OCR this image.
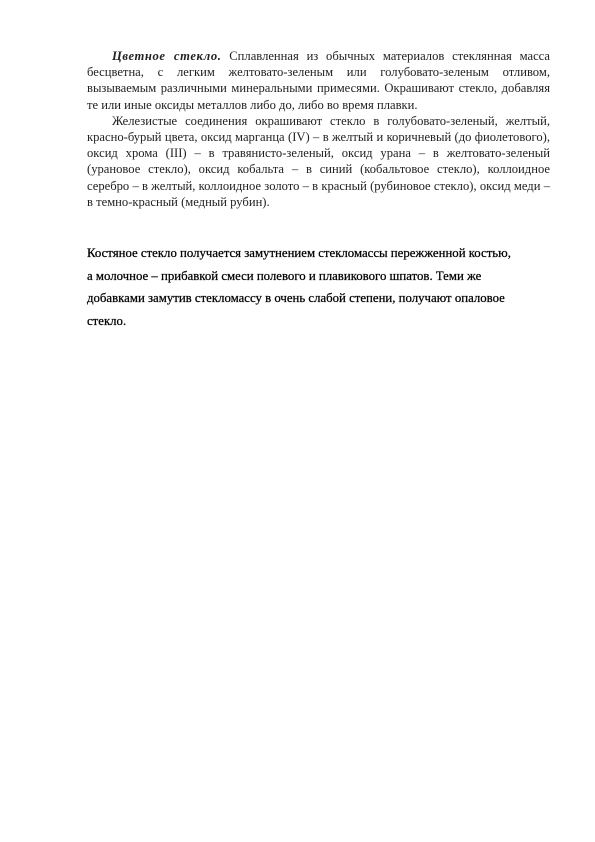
Цветное стекло. Сплавленная из обычных материалов стеклянная масса бесцветна, с легким желтовато-зеленым или голубовато-зеленым отливом, вызываемым различными минеральными примесями. Окрашивают стекло, добавляя те или иные оксиды металлов либо до, либо во время плавки.

Железистые соединения окрашивают стекло в голубовато-зеленый, желтый, красно-бурый цвета, оксид марганца (IV) – в желтый и коричневый (до фиолетового), оксид хрома (III) – в травянисто-зеленый, оксид урана – в желтовато-зеленый (урановое стекло), оксид кобальта – в синий (кобальтовое стекло), коллоидное серебро – в желтый, коллоидное золото – в красный (рубиновое стекло), оксид меди – в темно-красный (медный рубин).

Костяное стекло получается замутнением стекломассы пережженной костью,
а молочное – прибавкой смеси полевого и плавикового шпатов. Теми же
добавками замутив стекломассу в очень слабой степени, получают опаловое
стекло.
